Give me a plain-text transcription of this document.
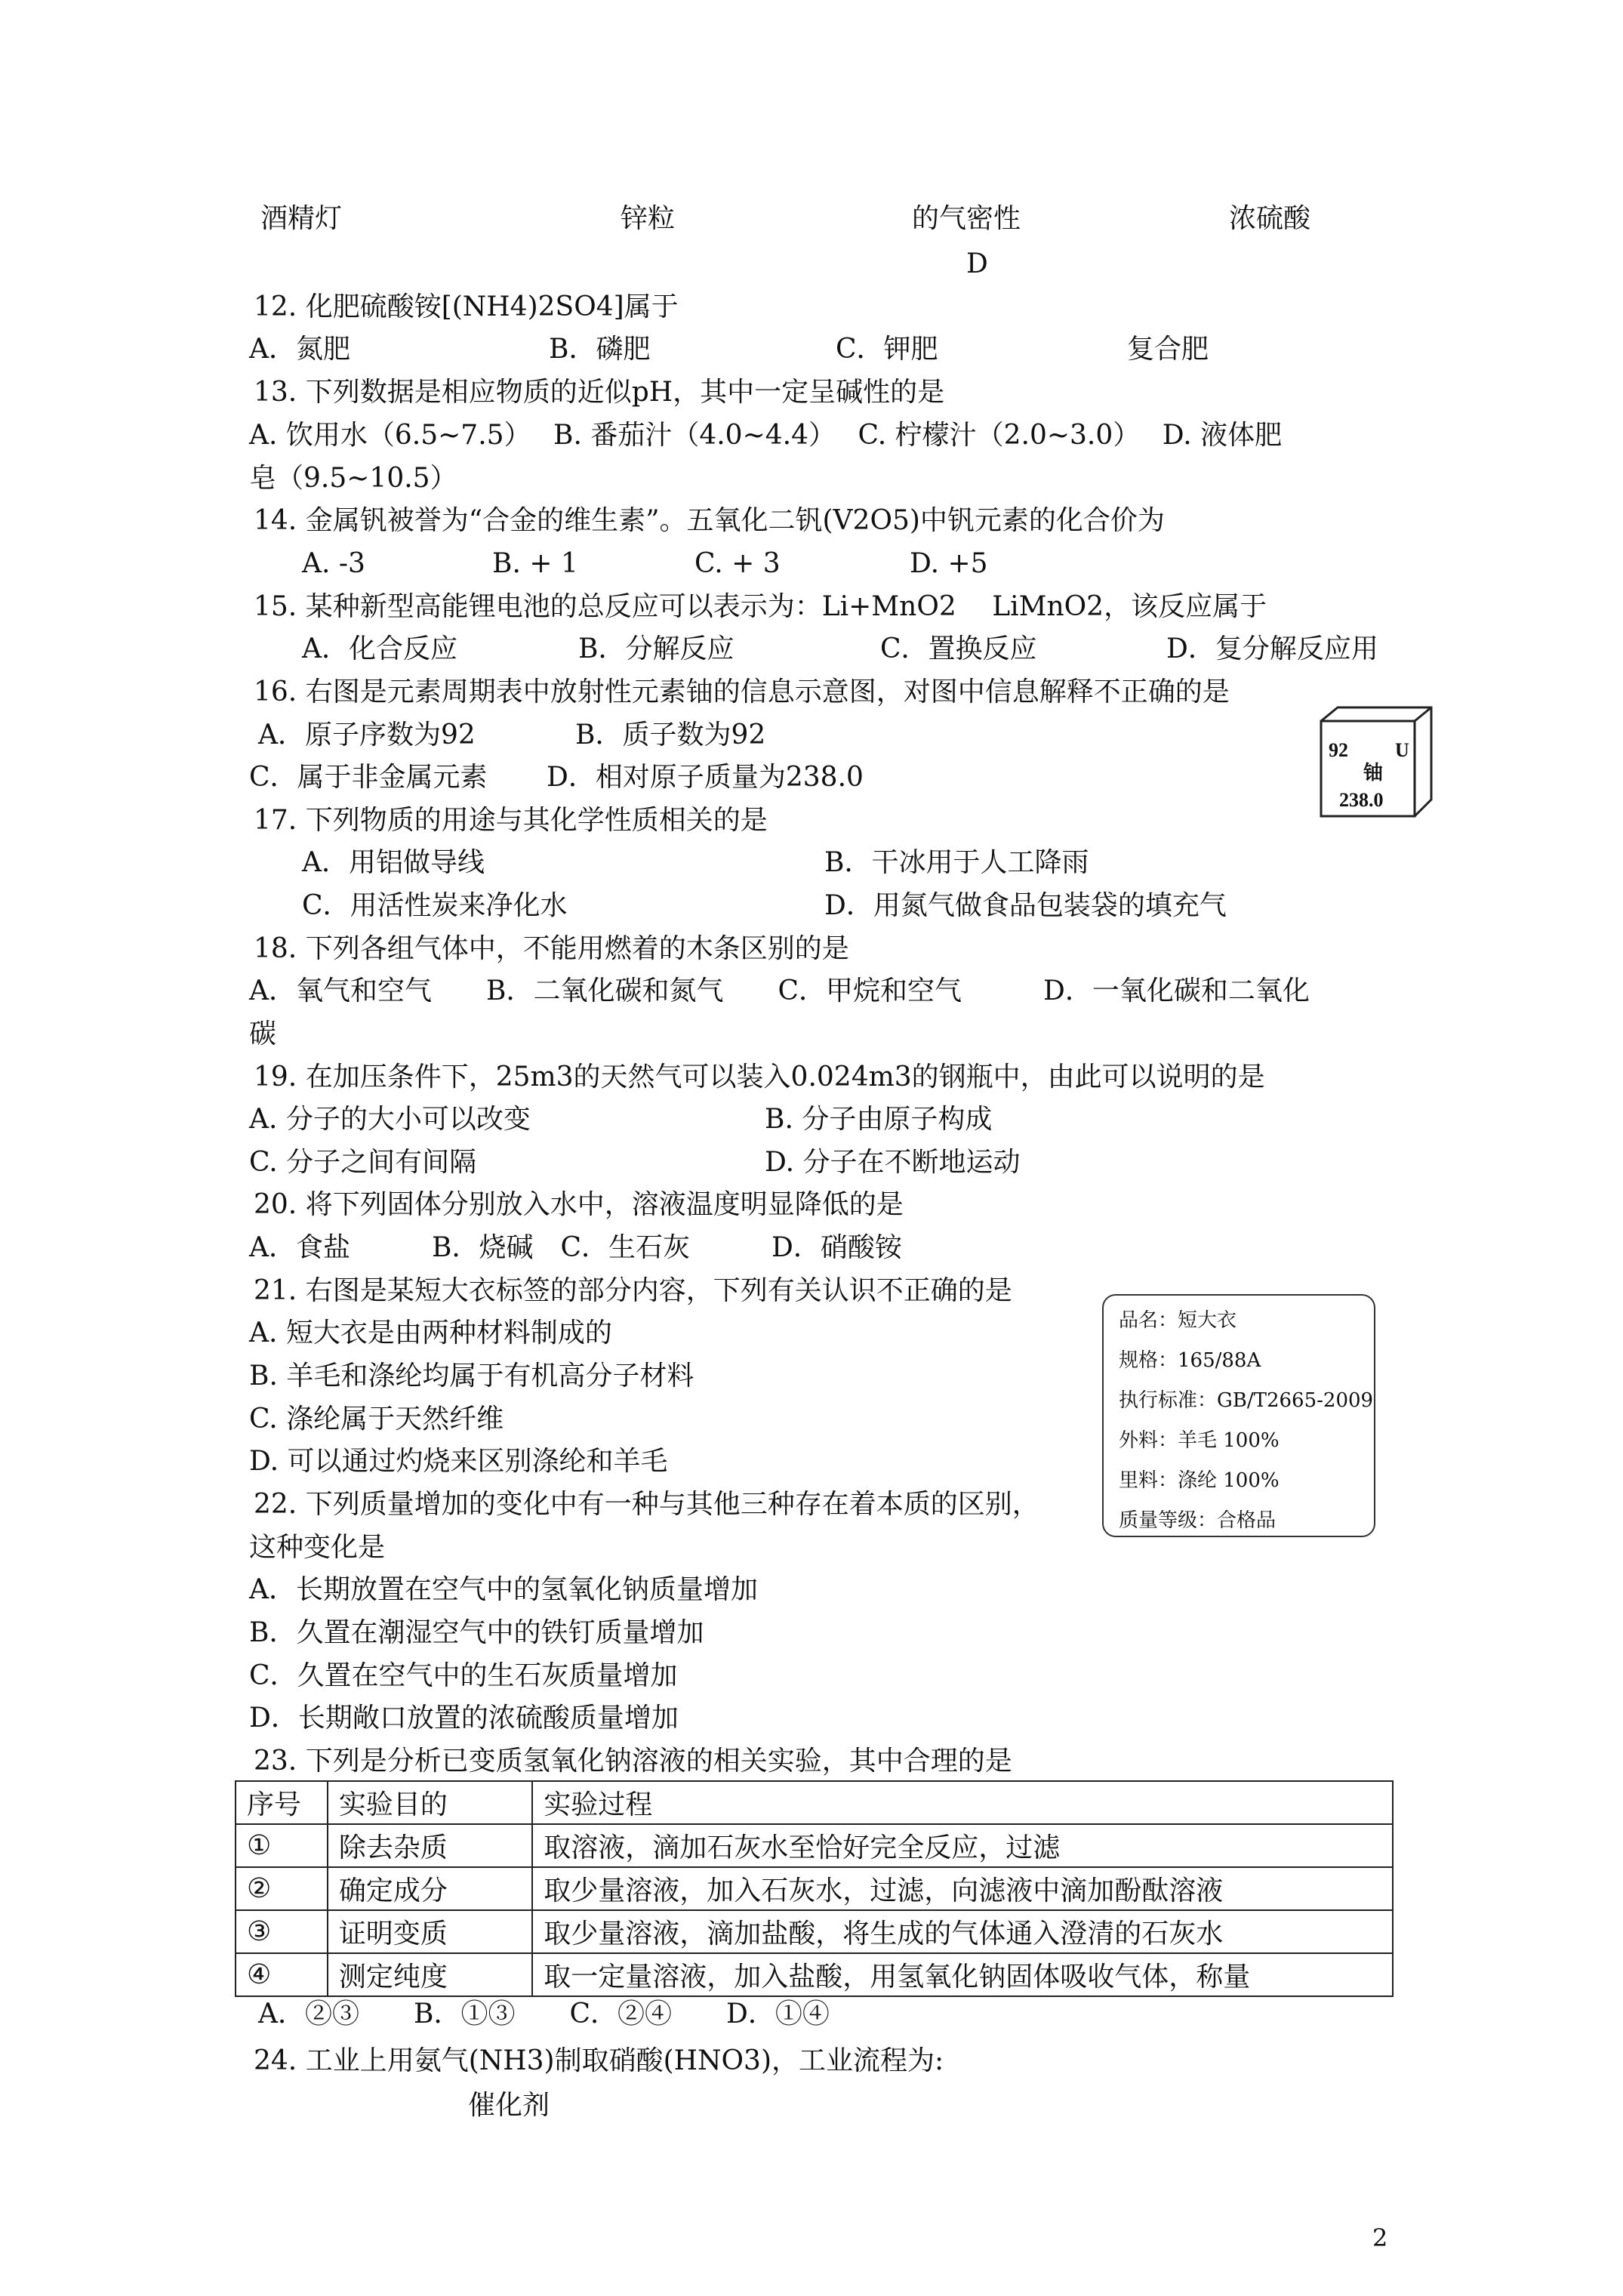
酒精灯	锌粒	的气密性	浓硫酸
D
12. 化肥硫酸铵[(NH4)2SO4]属于
A．氮肥	B．磷肥	C．钾肥	复合肥
13. 下列数据是相应物质的近似pH，其中一定呈碱性的是
A. 饮用水（6.5~7.5）　 B. 番茄汁（4.0~4.4）　 C. 柠檬汁（2.0~3.0）　 D. 液体肥
皂（9.5~10.5）
14. 金属钒被誉为“合金的维生素”。五氧化二钒(V2O5)中钒元素的化合价为
A. -3	B. + 1	C. + 3	D. +5
15. 某种新型高能锂电池的总反应可以表示为：Li+MnO2　 LiMnO2，该反应属于
A．化合反应	B．分解反应	C．置换反应	D．复分解反应用
16. 右图是元素周期表中放射性元素铀的信息示意图，对图中信息解释不正确的是
A．原子序数为92	B．质子数为92
C．属于非金属元素 D．相对原子质量为238.0
92 U
铀
238.0
17. 下列物质的用途与其化学性质相关的是
A．用铝做导线	B．干冰用于人工降雨
C．用活性炭来净化水	D．用氮气做食品包装袋的填充气
18. 下列各组气体中，不能用燃着的木条区别的是
A．氧气和空气　　B．二氧化碳和氮气　　C．甲烷和空气　　　D．一氧化碳和二氧化
碳
19. 在加压条件下，25m3的天然气可以装入0.024m3的钢瓶中，由此可以说明的是
A. 分子的大小可以改变	B. 分子由原子构成
C. 分子之间有间隔	D. 分子在不断地运动
20. 将下列固体分别放入水中，溶液温度明显降低的是
A．食盐　　　B．烧碱　C．生石灰　　　D．硝酸铵
21. 右图是某短大衣标签的部分内容，下列有关认识不正确的是
A. 短大衣是由两种材料制成的
B. 羊毛和涤纶均属于有机高分子材料
C. 涤纶属于天然纤维
D. 可以通过灼烧来区别涤纶和羊毛
品名：短大衣
规格：165/88A
执行标准：GB/T2665-2009
外料：羊毛 100%
里料：涤纶 100%
质量等级：合格品
22. 下列质量增加的变化中有一种与其他三种存在着本质的区别，
这种变化是
A．长期放置在空气中的氢氧化钠质量增加
B．久置在潮湿空气中的铁钉质量增加
C．久置在空气中的生石灰质量增加
D．长期敞口放置的浓硫酸质量增加
23. 下列是分析已变质氢氧化钠溶液的相关实验，其中合理的是
序号	实验目的	实验过程
①	除去杂质	取溶液，滴加石灰水至恰好完全反应，过滤
②	确定成分	取少量溶液，加入石灰水，过滤，向滤液中滴加酚酞溶液
③	证明变质	取少量溶液，滴加盐酸，将生成的气体通入澄清的石灰水
④	测定纯度	取一定量溶液，加入盐酸，用氢氧化钠固体吸收气体，称量
A．②③　　B．①③　　C．②④　　D．①④
24. 工业上用氨气(NH3)制取硝酸(HNO3)，工业流程为:
催化剂
2
